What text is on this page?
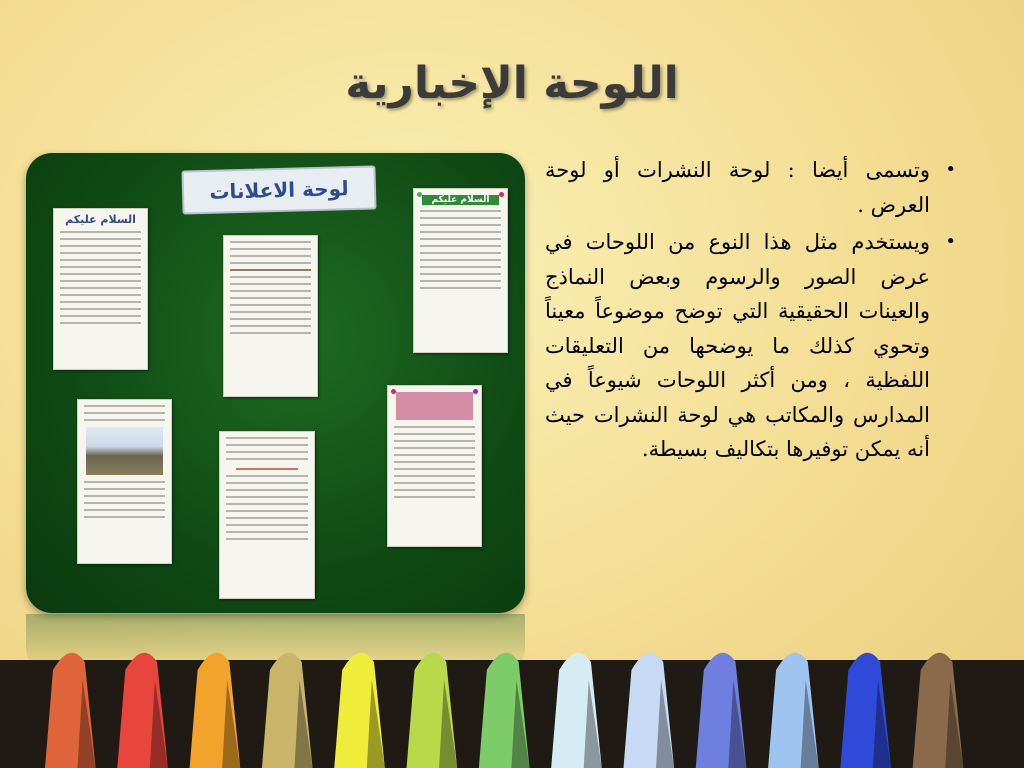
اللوحة الإخبارية
لوحة الاعلانات
السلام عليكم
السلام عليكم
•
وتسمى أيضا : لوحة النشرات أو لوحة العرض .
•
ويستخدم مثل هذا النوع من اللوحات في عرض الصور والرسوم وبعض النماذج والعينات الحقيقية التي توضح موضوعاً معيناً وتحوي كذلك ما يوضحها من التعليقات اللفظية ، ومن أكثر اللوحات شيوعاً في المدارس والمكاتب هي لوحة النشرات حيث أنه يمكن توفيرها بتكاليف بسيطة.
